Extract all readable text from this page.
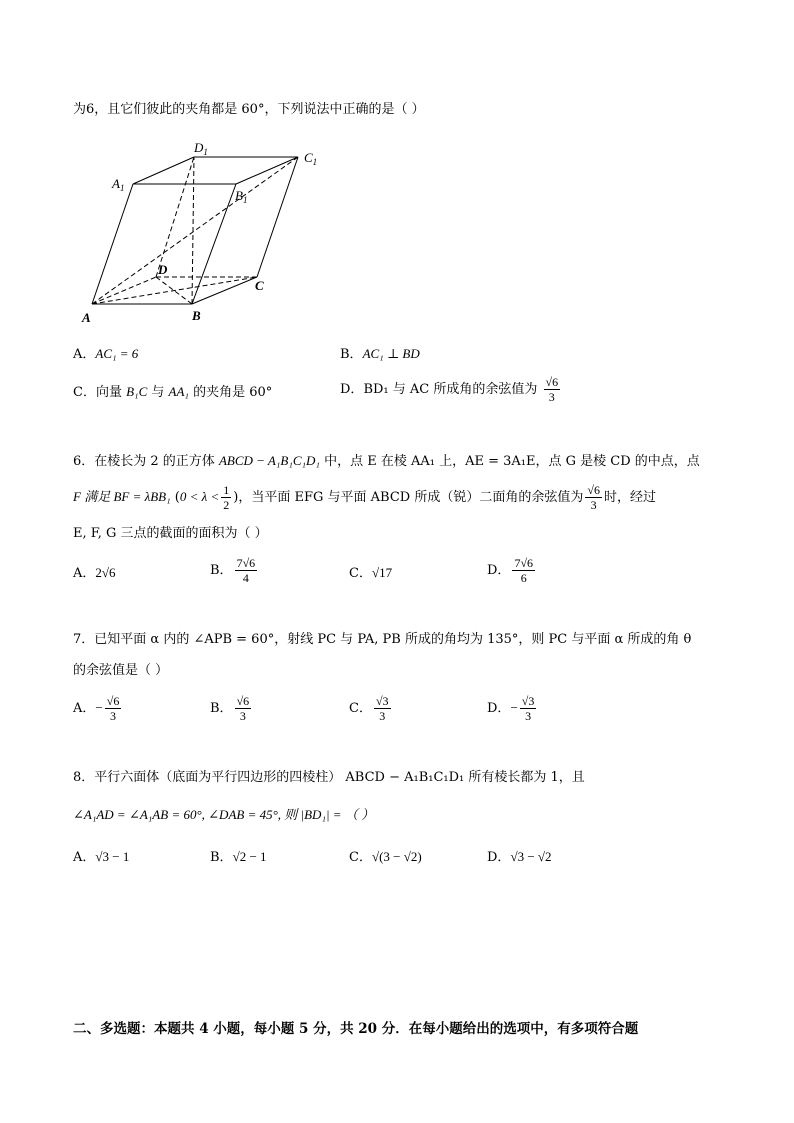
为6，且它们彼此的夹角都是 60°，下列说法中正确的是（ ）
A	B
C
D
$A_1$	$B_1$
$C_1$
$D_1$
A．AC₁ = 6	B．AC₁ ⊥ BD
C．向量 B₁C 与 AA₁ 的夹角是 60°	D．BD₁ 与 AC 所成角的余弦值为 $\frac{√6}{3}$
6．在棱长为 2 的正方体 ABCD − A₁B₁C₁D₁ 中，点 E 在棱 AA₁ 上，AE = 3A₁E，点 G 是棱 CD 的中点，点
F 满足 BF = λBB₁ ($0 < \lambda < \frac{1}{2}$ )，当平面 EFG 与平面 ABCD 所成（锐）二面角的余弦值为 $\frac{√6}{3}$ 时，经过
E, F, G 三点的截面的面积为（ ）
A．2√6	B． $\frac{7√6}{4}$	C．√17	D． $\frac{7√6}{6}$
7．已知平面 α 内的 ∠APB = 60°，射线 PC 与 PA, PB 所成的角均为 135°，则 PC 与平面 α 所成的角 θ
的余弦值是（ ）
A．− $\frac{√6}{3}$	B． $\frac{√6}{3}$	C． $\frac{√3}{3}$	D．− $\frac{√3}{3}$
8．平行六面体（底面为平行四边形的四棱柱） ABCD − A₁B₁C₁D₁ 所有棱长都为 1，且
∠A₁AD = ∠A₁AB = 60°, ∠DAB = 45°, 则 |BD₁| = （ ）
A．√3 − 1	B．√2 − 1	C．√(3 − √2)	D．√3 − √2
二、多选题：本题共 4 小题，每小题 5 分，共 20 分．在每小题给出的选项中，有多项符合题
